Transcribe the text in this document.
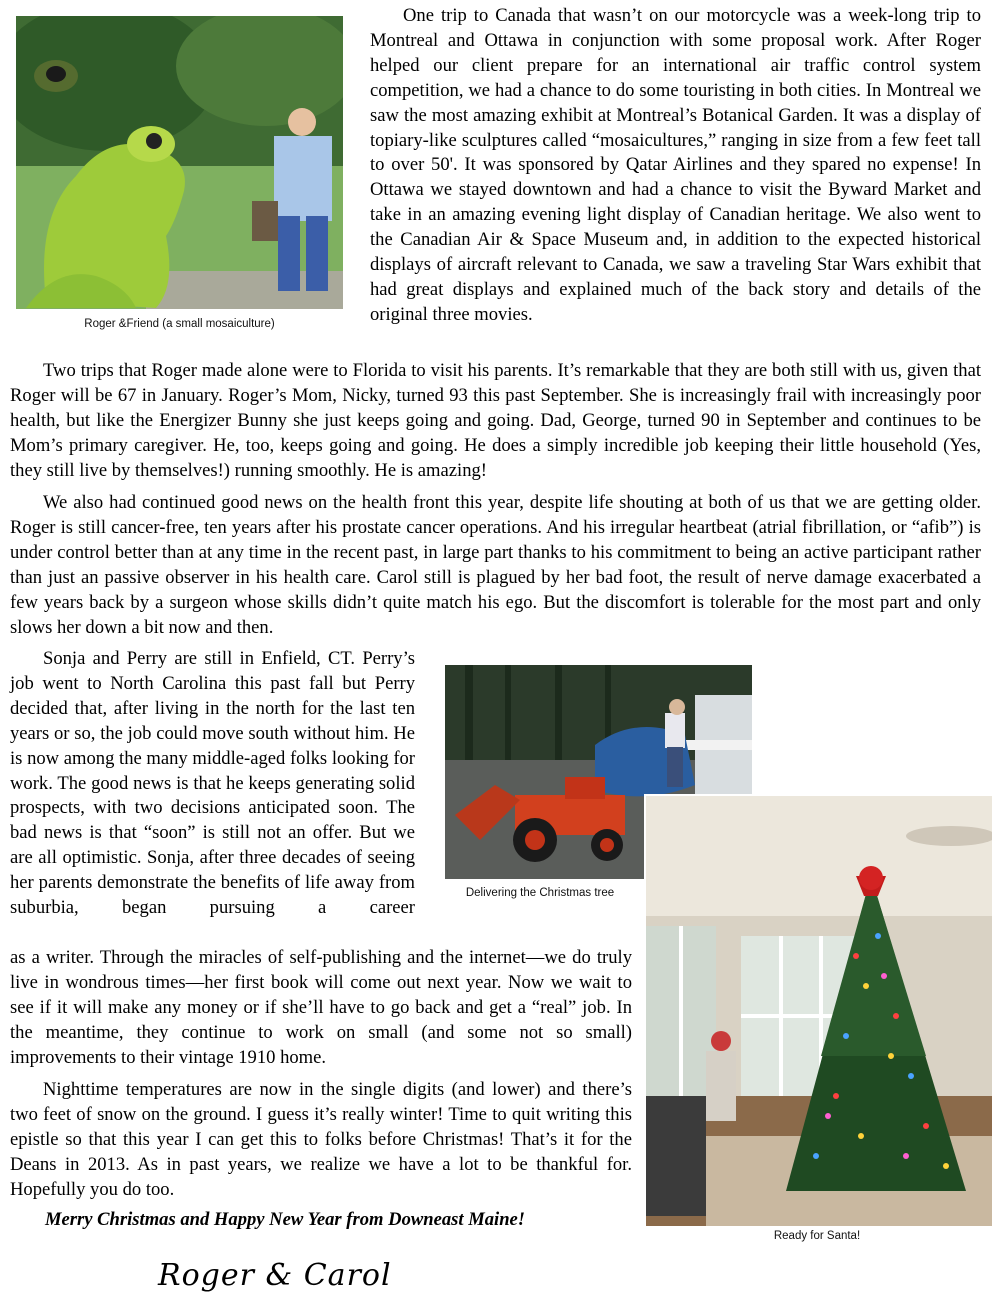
Roger &Friend (a small mosaiculture)

One trip to Canada that wasn’t on our motorcycle was a week-long trip to Montreal and Ottawa in conjunction with some proposal work. After Roger helped our client prepare for an international air traffic control system competition, we had a chance to do some touristing in both cities. In Montreal we saw the most amazing exhibit at Montreal’s Botanical Garden. It was a display of topiary-like sculptures called “mosaicultures,” ranging in size from a few feet tall to over 50'. It was sponsored by Qatar Airlines and they spared no expense! In Ottawa we stayed downtown and had a chance to visit the Byward Market and take in an amazing evening light display of Canadian heritage. We also went to the Canadian Air & Space Museum and, in addition to the expected historical displays of aircraft relevant to Canada, we saw a traveling Star Wars exhibit that had great displays and explained much of the back story and details of the original three movies.

Two trips that Roger made alone were to Florida to visit his parents. It’s remarkable that they are both still with us, given that Roger will be 67 in January. Roger’s Mom, Nicky, turned 93 this past September. She is increasingly frail with increasingly poor health, but like the Energizer Bunny she just keeps going and going. Dad, George, turned 90 in September and continues to be Mom’s primary caregiver. He, too, keeps going and going. He does a simply incredible job keeping their little household (Yes, they still live by themselves!) running smoothly. He is amazing!

We also had continued good news on the health front this year, despite life shouting at both of us that we are getting older. Roger is still cancer-free, ten years after his prostate cancer operations. And his irregular heartbeat (atrial fibrillation, or “afib”) is under control better than at any time in the recent past, in large part thanks to his commitment to being an active participant rather than just an passive observer in his health care. Carol still is plagued by her bad foot, the result of nerve damage exacerbated a few years back by a surgeon whose skills didn’t quite match his ego. But the discomfort is tolerable for the most part and only slows her down a bit now and then.

Sonja and Perry are still in Enfield, CT. Perry’s job went to North Carolina this past fall but Perry decided that, after living in the north for the last ten years or so, the job could move south without him. He is now among the many middle-aged folks looking for work. The good news is that he keeps generating solid prospects, with two decisions anticipated soon. The bad news is that “soon” is still not an offer. But we are all optimistic. Sonja, after three decades of seeing her parents demonstrate the benefits of life away from suburbia, began pursuing a career

as a writer. Through the miracles of self-publishing and the internet—we do truly live in wondrous times—her first book will come out next year. Now we wait to see if it will make any money or if she’ll have to go back and get a “real” job. In the meantime, they continue to work on small (and some not so small) improvements to their vintage 1910 home.

Delivering the Christmas tree

Ready for Santa!

Nighttime temperatures are now in the single digits (and lower) and there’s two feet of snow on the ground. I guess it’s really winter! Time to quit writing this epistle so that this year I can get this to folks before Christmas! That’s it for the Deans in 2013. As in past years, we realize we have a lot to be thankful for. Hopefully you do too.

Merry Christmas and Happy New Year from Downeast Maine!

Roger & Carol
